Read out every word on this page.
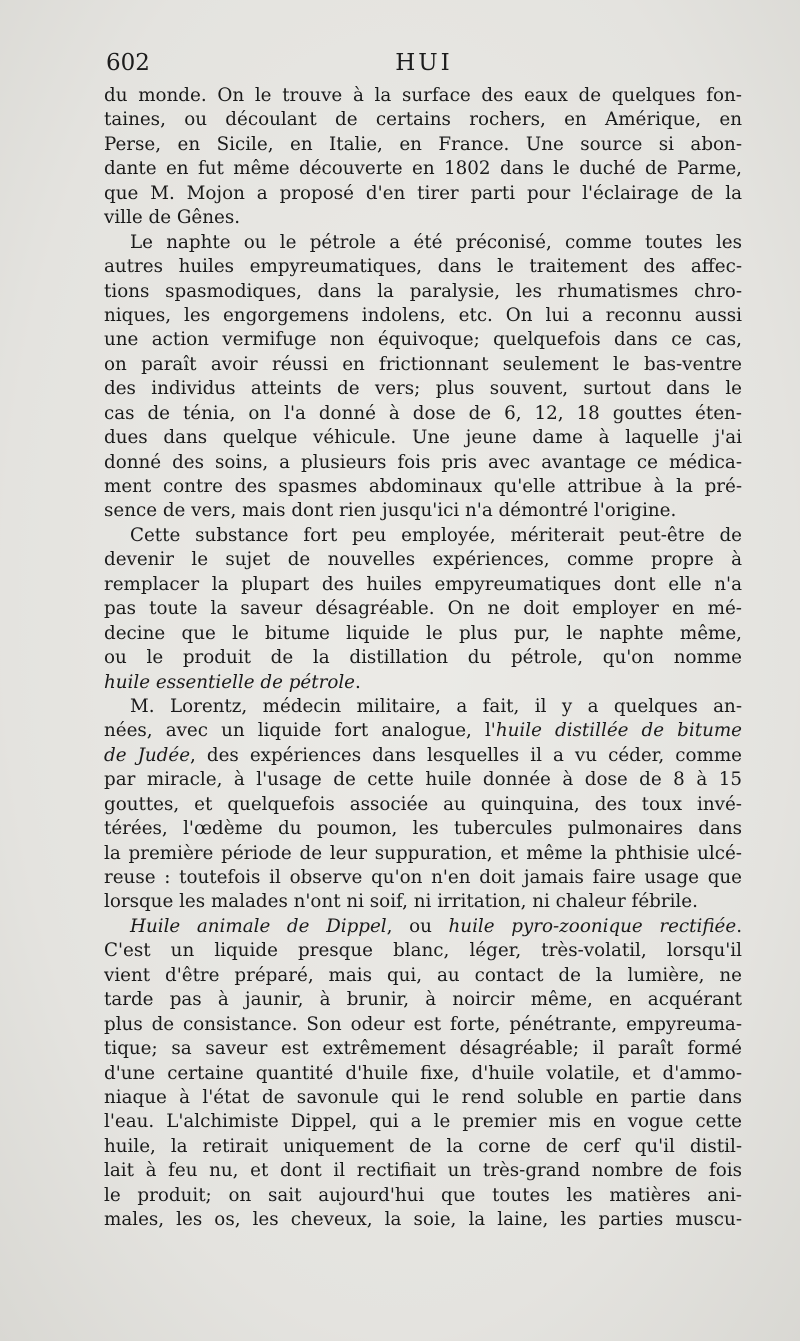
602	HUI
du monde. On le trouve à la surface des eaux de quelques fon-
taines, ou découlant de certains rochers, en Amérique, en
Perse, en Sicile, en Italie, en France. Une source si abon-
dante en fut même découverte en 1802 dans le duché de Parme,
que M. Mojon a proposé d'en tirer parti pour l'éclairage de la
ville de Gênes.
Le naphte ou le pétrole a été préconisé, comme toutes les
autres huiles empyreumatiques, dans le traitement des affec-
tions spasmodiques, dans la paralysie, les rhumatismes chro-
niques, les engorgemens indolens, etc. On lui a reconnu aussi
une action vermifuge non équivoque; quelquefois dans ce cas,
on paraît avoir réussi en frictionnant seulement le bas-ventre
des individus atteints de vers; plus souvent, surtout dans le
cas de ténia, on l'a donné à dose de 6, 12, 18 gouttes éten-
dues dans quelque véhicule. Une jeune dame à laquelle j'ai
donné des soins, a plusieurs fois pris avec avantage ce médica-
ment contre des spasmes abdominaux qu'elle attribue à la pré-
sence de vers, mais dont rien jusqu'ici n'a démontré l'origine.
Cette substance fort peu employée, mériterait peut-être de
devenir le sujet de nouvelles expériences, comme propre à
remplacer la plupart des huiles empyreumatiques dont elle n'a
pas toute la saveur désagréable. On ne doit employer en mé-
decine que le bitume liquide le plus pur, le naphte même,
ou le produit de la distillation du pétrole, qu'on nomme
huile essentielle de pétrole.
M. Lorentz, médecin militaire, a fait, il y a quelques an-
nées, avec un liquide fort analogue, l'huile distillée de bitume
de Judée, des expériences dans lesquelles il a vu céder, comme
par miracle, à l'usage de cette huile donnée à dose de 8 à 15
gouttes, et quelquefois associée au quinquina, des toux invé-
térées, l'œdème du poumon, les tubercules pulmonaires dans
la première période de leur suppuration, et même la phthisie ulcé-
reuse : toutefois il observe qu'on n'en doit jamais faire usage que
lorsque les malades n'ont ni soif, ni irritation, ni chaleur fébrile.
Huile animale de Dippel, ou huile pyro-zoonique rectifiée.
C'est un liquide presque blanc, léger, très-volatil, lorsqu'il
vient d'être préparé, mais qui, au contact de la lumière, ne
tarde pas à jaunir, à brunir, à noircir même, en acquérant
plus de consistance. Son odeur est forte, pénétrante, empyreuma-
tique; sa saveur est extrêmement désagréable; il paraît formé
d'une certaine quantité d'huile fixe, d'huile volatile, et d'ammo-
niaque à l'état de savonule qui le rend soluble en partie dans
l'eau. L'alchimiste Dippel, qui a le premier mis en vogue cette
huile, la retirait uniquement de la corne de cerf qu'il distil-
lait à feu nu, et dont il rectifiait un très-grand nombre de fois
le produit; on sait aujourd'hui que toutes les matières ani-
males, les os, les cheveux, la soie, la laine, les parties muscu-
